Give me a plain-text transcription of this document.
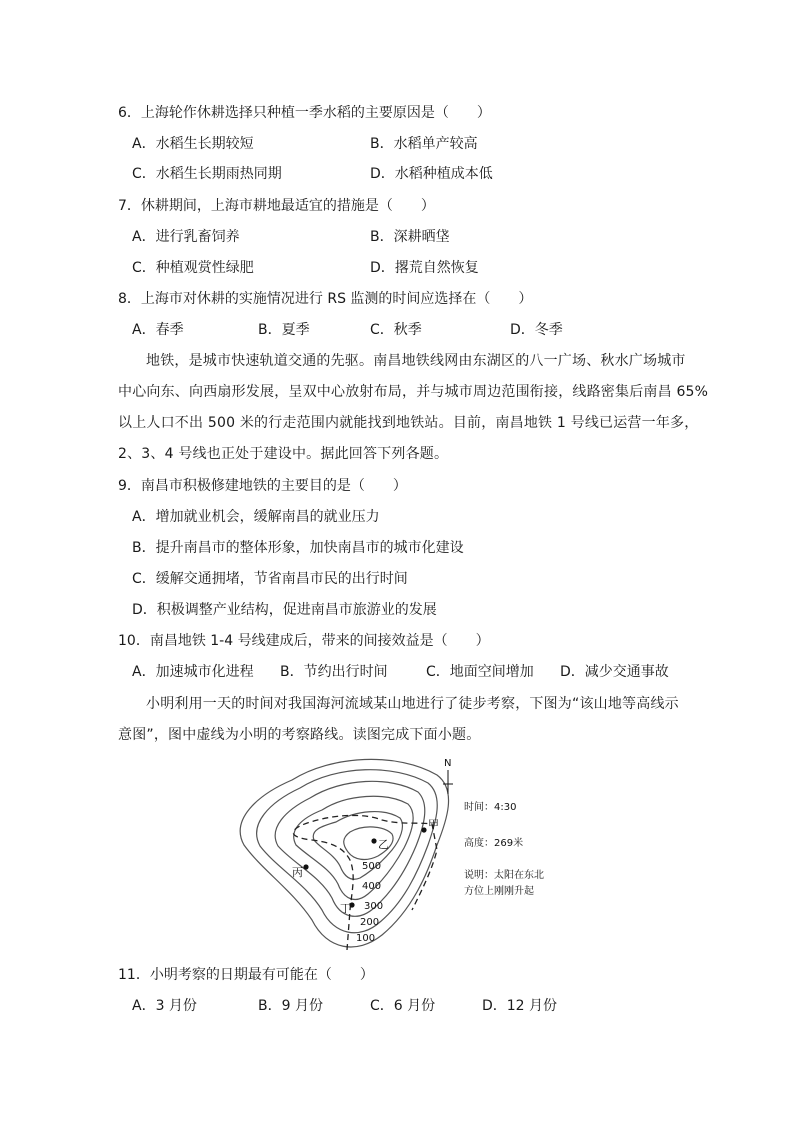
6．上海轮作休耕选择只种植一季水稻的主要原因是（　　）
A．水稻生长期较短	B．水稻单产较高
C．水稻生长期雨热同期	D．水稻种植成本低
7．休耕期间，上海市耕地最适宜的措施是（　　）
A．进行乳畜饲养	B．深耕晒垡
C．种植观赏性绿肥	D．撂荒自然恢复
8．上海市对休耕的实施情况进行 RS 监测的时间应选择在（　　）
A．春季	B．夏季	C．秋季	D．冬季
地铁，是城市快速轨道交通的先驱。南昌地铁线网由东湖区的八一广场、秋水广场城市
中心向东、向西扇形发展，呈双中心放射布局，并与城市周边范围衔接，线路密集后南昌 65%
以上人口不出 500 米的行走范围内就能找到地铁站。目前，南昌地铁 1 号线已运营一年多，
2、3、4 号线也正处于建设中。据此回答下列各题。
9．南昌市积极修建地铁的主要目的是（　　）
A．增加就业机会，缓解南昌的就业压力
B．提升南昌市的整体形象，加快南昌市的城市化建设
C．缓解交通拥堵，节省南昌市民的出行时间
D．积极调整产业结构，促进南昌市旅游业的发展
10．南昌地铁 1-4 号线建成后，带来的间接效益是（　　）
A．加速城市化进程 B．节约出行时间	C．地面空间增加 D．减少交通事故
小明利用一天的时间对我国海河流域某山地进行了徒步考察，下图为“该山地等高线示
意图”，图中虚线为小明的考察路线。读图完成下面小题。
甲
乙
丙
丁
500
400
300
200
100
N
时间：4:30
高度：269米
说明：太阳在东北
方位上刚刚升起
11．小明考察的日期最有可能在（　　）
A．3 月份	B．9 月份	C．6 月份	D．12 月份
